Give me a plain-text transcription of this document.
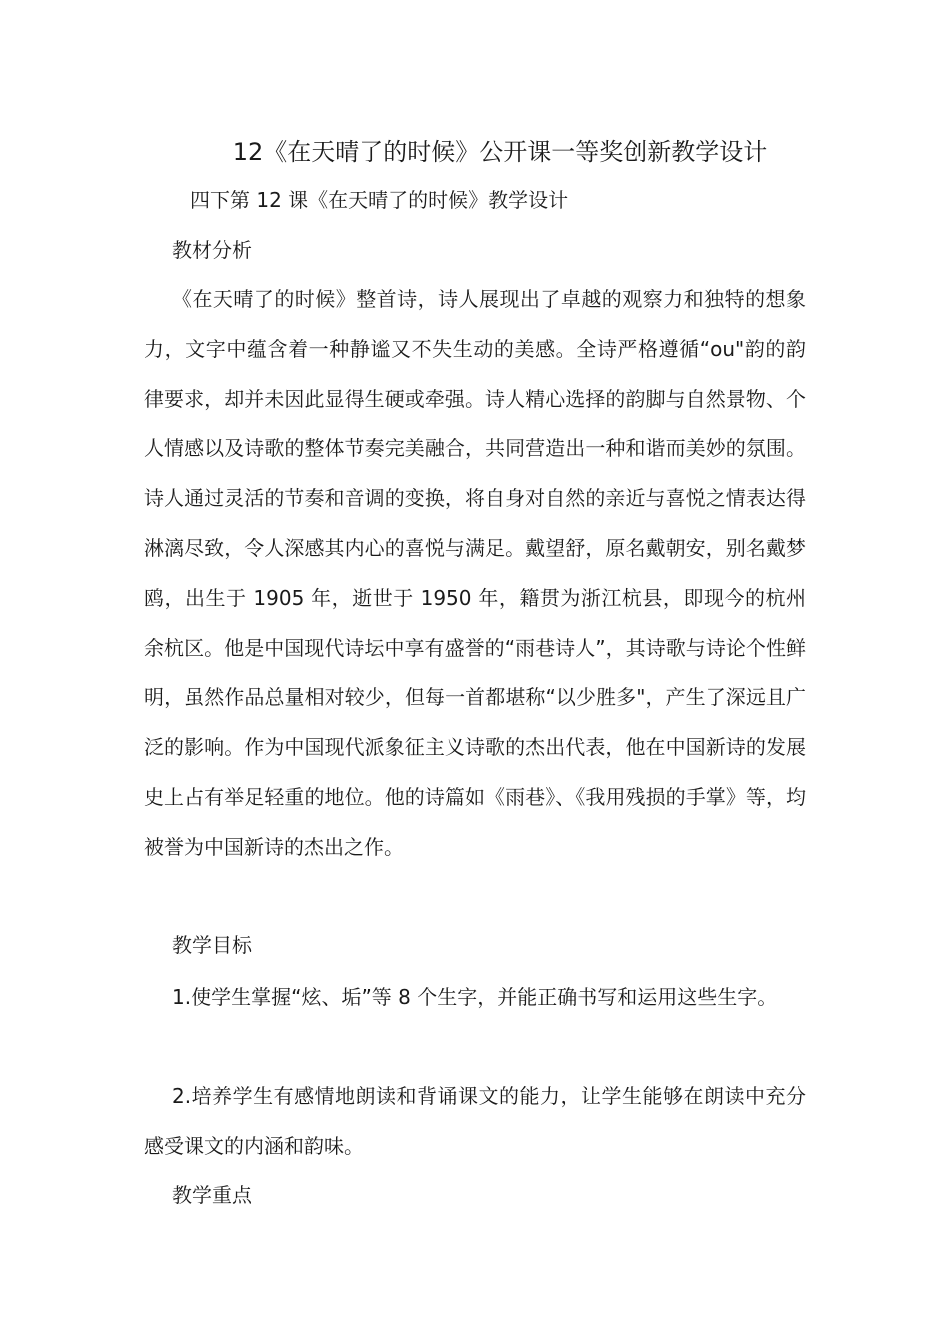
12《在天晴了的时候》公开课一等奖创新教学设计
四下第 12 课《在天晴了的时候》教学设计
教材分析

《在天晴了的时候》整首诗，诗人展现出了卓越的观察力和独特的想象力，文字中蕴含着一种静谧又不失生动的美感。全诗严格遵循“ou"韵的韵律要求，却并未因此显得生硬或牵强。诗人精心选择的韵脚与自然景物、个人情感以及诗歌的整体节奏完美融合，共同营造出一种和谐而美妙的氛围。诗人通过灵活的节奏和音调的变换，将自身对自然的亲近与喜悦之情表达得淋漓尽致，令人深感其内心的喜悦与满足。戴望舒，原名戴朝安，别名戴梦鸥，出生于 1905 年，逝世于 1950 年，籍贯为浙江杭县，即现今的杭州余杭区。他是中国现代诗坛中享有盛誉的“雨巷诗人”，其诗歌与诗论个性鲜明，虽然作品总量相对较少，但每一首都堪称“以少胜多"，产生了深远且广泛的影响。作为中国现代派象征主义诗歌的杰出代表，他在中国新诗的发展史上占有举足轻重的地位。他的诗篇如《雨巷》、《我用残损的手掌》等，均被誉为中国新诗的杰出之作。

教学目标

1.使学生掌握“炫、垢”等 8 个生字，并能正确书写和运用这些生字。

2.培养学生有感情地朗读和背诵课文的能力，让学生能够在朗读中充分感受课文的内涵和韵味。

教学重点
